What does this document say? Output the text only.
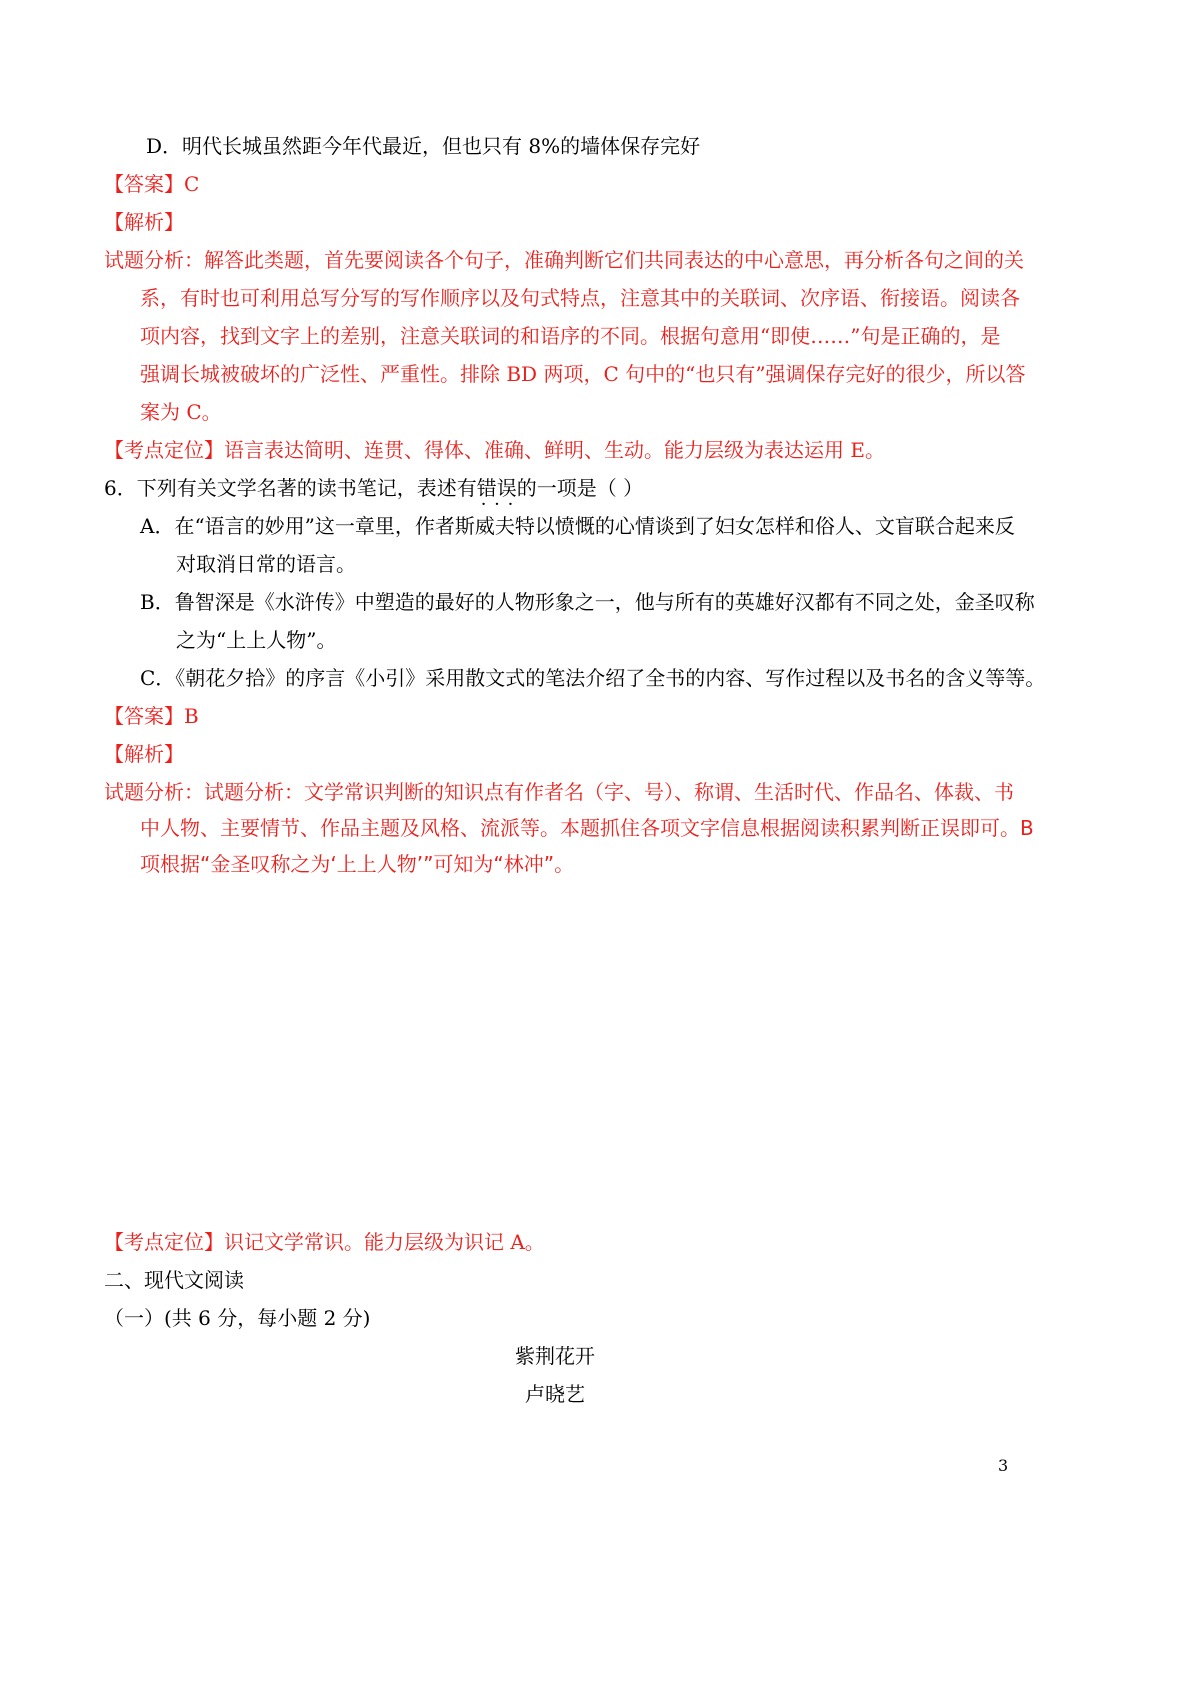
D．明代长城虽然距今年代最近，但也只有 8%的墙体保存完好
【答案】C
【解析】
试题分析：解答此类题，首先要阅读各个句子，准确判断它们共同表达的中心意思，再分析各句之间的关
系，有时也可利用总写分写的写作顺序以及句式特点，注意其中的关联词、次序语、衔接语。阅读各
项内容，找到文字上的差别，注意关联词的和语序的不同。根据句意用“即使……”句是正确的，是
强调长城被破坏的广泛性、严重性。排除 BD 两项，C 句中的“也只有”强调保存完好的很少，所以答
案为 C。
【考点定位】语言表达简明、连贯、得体、准确、鲜明、生动。能力层级为表达运用 E。
6．下列有关文学名著的读书笔记，表述有错误 · · ·的一项是（ ）
A．在“语言的妙用”这一章里，作者斯威夫特以愤慨的心情谈到了妇女怎样和俗人、文盲联合起来反
对取消日常的语言。
B．鲁智深是《水浒传》中塑造的最好的人物形象之一，他与所有的英雄好汉都有不同之处，金圣叹称
之为“上上人物”。
C．《朝花夕拾》的序言《小引》采用散文式的笔法介绍了全书的内容、写作过程以及书名的含义等等。
【答案】B
【解析】
试题分析：试题分析：文学常识判断的知识点有作者名（字、号）、称谓、生活时代、作品名、体裁、书
中人物、主要情节、作品主题及风格、流派等。本题抓住各项文字信息根据阅读积累判断正误即可。B
项根据“金圣叹称之为‘上上人物’”可知为“林冲”。
【考点定位】识记文学常识。能力层级为识记 A。
二、现代文阅读
（一）(共 6 分，每小题 2 分)
紫荆花开
卢晓艺
3
